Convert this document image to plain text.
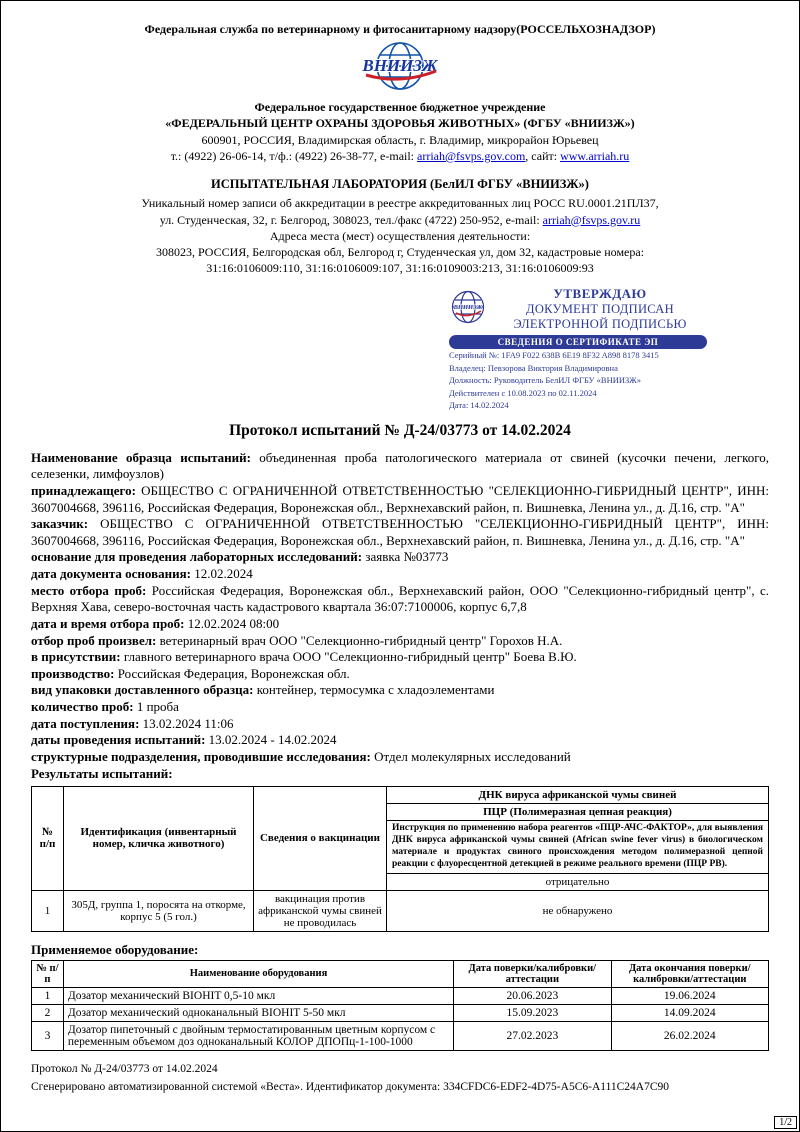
Федеральная служба по ветеринарному и фитосанитарному надзору(РОССЕЛЬХОЗНАДЗОР)
ВНИИЗЖ
Федеральное государственное бюджетное учреждение
«ФЕДЕРАЛЬНЫЙ ЦЕНТР ОХРАНЫ ЗДОРОВЬЯ ЖИВОТНЫХ» (ФГБУ «ВНИИЗЖ»)
600901, РОССИЯ, Владимирская область, г. Владимир, микрорайон Юрьевец
т.: (4922) 26-06-14, т/ф.: (4922) 26-38-77, e-mail: arriah@fsvps.gov.com, сайт: www.arriah.ru
ИСПЫТАТЕЛЬНАЯ ЛАБОРАТОРИЯ (БелИЛ ФГБУ «ВНИИЗЖ»)
Уникальный номер записи об аккредитации в реестре аккредитованных лиц РОСС RU.0001.21ПЛ37,
ул. Студенческая, 32, г. Белгород, 308023, тел./факс (4722) 250-952, e-mail: arriah@fsvps.gov.ru
Адреса места (мест) осуществления деятельности:
308023, РОССИЯ, Белгородская обл, Белгород г, Студенческая ул, дом 32, кадастровые номера:
31:16:0106009:110, 31:16:0106009:107, 31:16:0109003:213, 31:16:0106009:93
ВНИИЗЖ
УТВЕРЖДАЮ
ДОКУМЕНТ ПОДПИСАН
ЭЛЕКТРОННОЙ ПОДПИСЬЮ
СВЕДЕНИЯ О СЕРТИФИКАТЕ ЭП
Серийный №: 1FA9 F022 638B 6E19 8F32 A898 8178 3415
Владелец: Певзорова Виктория Владимировна
Должность: Руководитель БелИЛ ФГБУ «ВНИИЗЖ»
Действителен с 10.08.2023 по 02.11.2024
Дата: 14.02.2024
Протокол испытаний № Д-24/03773 от 14.02.2024

Наименование образца испытаний: объединенная проба патологического материала от свиней (кусочки печени, легкого, селезенки, лимфоузлов)

принадлежащего: ОБЩЕСТВО С ОГРАНИЧЕННОЙ ОТВЕТСТВЕННОСТЬЮ "СЕЛЕКЦИОННО-ГИБРИДНЫЙ ЦЕНТР", ИНН: 3607004668, 396116, Российская Федерация, Воронежская обл., Верхнехавский район, п. Вишневка, Ленина ул., д. Д.16, стр. "А"

заказчик: ОБЩЕСТВО С ОГРАНИЧЕННОЙ ОТВЕТСТВЕННОСТЬЮ "СЕЛЕКЦИОННО-ГИБРИДНЫЙ ЦЕНТР", ИНН: 3607004668, 396116, Российская Федерация, Воронежская обл., Верхнехавский район, п. Вишневка, Ленина ул., д. Д.16, стр. "А"

основание для проведения лабораторных исследований: заявка №03773

дата документа основания: 12.02.2024

место отбора проб: Российская Федерация, Воронежская обл., Верхнехавский район, ООО "Селекционно-гибридный центр", с. Верхняя Хава, северо-восточная часть кадастрового квартала 36:07:7100006, корпус 6,7,8

дата и время отбора проб: 12.02.2024 08:00

отбор проб произвел: ветеринарный врач ООО "Селекционно-гибридный центр" Горохов Н.А.

в присутствии: главного ветеринарного врача ООО "Селекционно-гибридный центр" Боева В.Ю.

производство: Российская Федерация, Воронежская обл.

вид упаковки доставленного образца: контейнер, термосумка с хладоэлементами

количество проб: 1 проба

дата поступления: 13.02.2024 11:06

даты проведения испытаний: 13.02.2024 - 14.02.2024

структурные подразделения, проводившие исследования: Отдел молекулярных исследований

Результаты испытаний:

№ п/п	Идентификация (инвентарный номер, кличка животного)	Сведения о вакцинации	ДНК вируса африканской чумы свиней
			ПЦР (Полимеразная цепная реакция)
			Инструкция по применению набора реагентов «ПЦР-АЧС-ФАКТОР», для выявления ДНК вируса африканской чумы свиней (African swine fever virus) в биологическом материале и продуктах свиного происхождения методом полимеразной цепной реакции с флуоресцентной детекцией в режиме реального времени (ПЦР РВ).
			отрицательно
1	305Д, группа 1, поросята на откорме, корпус 5 (5 гол.)	вакцинация против африканской чумы свиней не проводилась	не обнаружено

Применяемое оборудование:

№ п/п	Наименование оборудования	Дата поверки/калибровки/аттестации	Дата окончания поверки/калибровки/аттестации
1	Дозатор механический BIOHIT 0,5-10 мкл	20.06.2023	19.06.2024
2	Дозатор механический одноканальный BIOHIT 5-50 мкл	15.09.2023	14.09.2024
3	Дозатор пипеточный с двойным термостатированным цветным корпусом с переменным объемом доз одноканальный КОЛОР ДПОПц-1-100-1000	27.02.2023	26.02.2024
Протокол № Д-24/03773 от 14.02.2024
Сгенерировано автоматизированной системой «Веста». Идентификатор документа: 334CFDC6-EDF2-4D75-A5C6-A111C24A7C90
1/2
